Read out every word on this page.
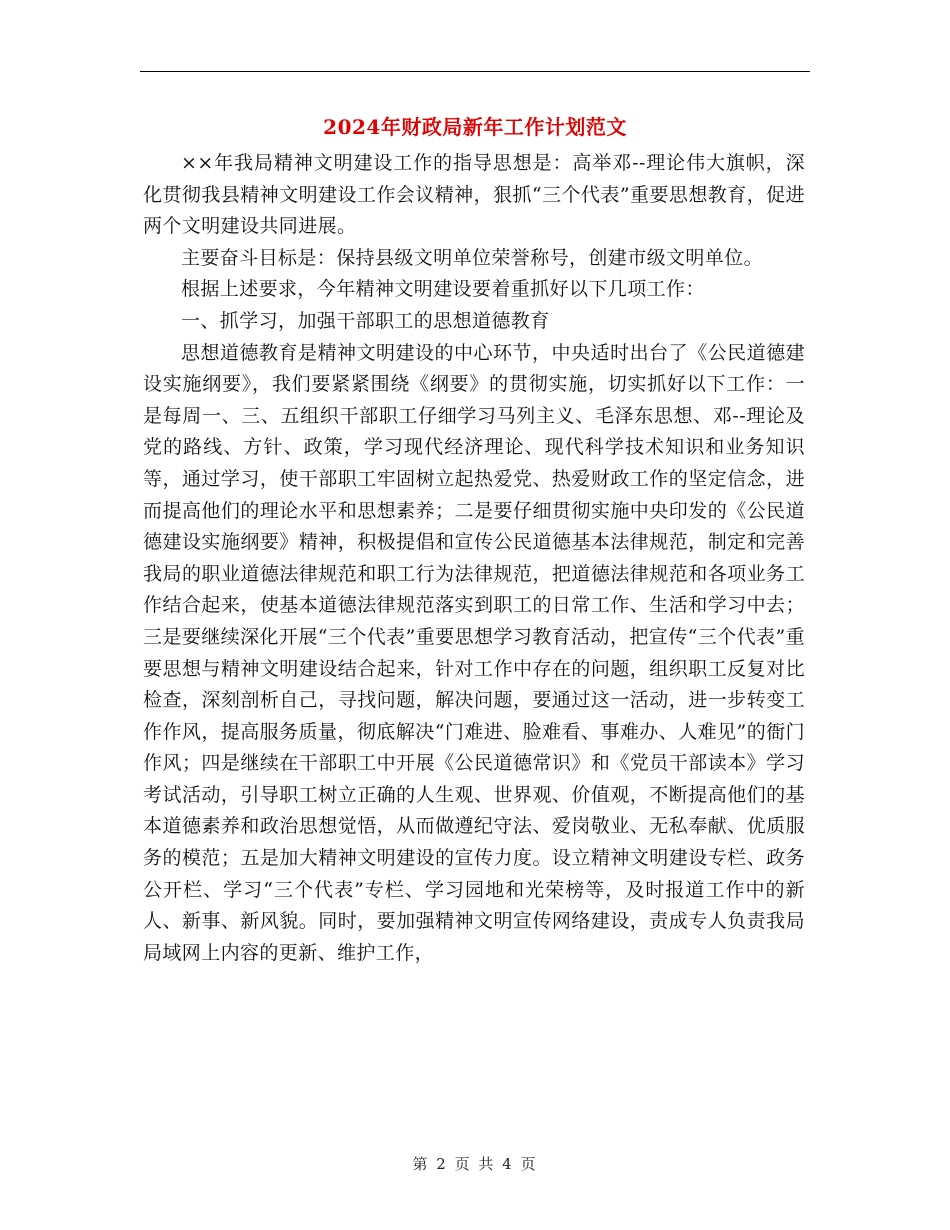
2024年财政局新年工作计划范文

××年我局精神文明建设工作的指导思想是：高举邓--理论伟大旗帜，深化贯彻我县精神文明建设工作会议精神，狠抓“三个代表”重要思想教育，促进两个文明建设共同进展。

主要奋斗目标是：保持县级文明单位荣誉称号，创建市级文明单位。

根据上述要求，今年精神文明建设要着重抓好以下几项工作：

一、抓学习，加强干部职工的思想道德教育

思想道德教育是精神文明建设的中心环节，中央适时出台了《公民道德建设实施纲要》，我们要紧紧围绕《纲要》的贯彻实施，切实抓好以下工作：一是每周一、三、五组织干部职工仔细学习马列主义、毛泽东思想、邓--理论及党的路线、方针、政策，学习现代经济理论、现代科学技术知识和业务知识等，通过学习，使干部职工牢固树立起热爱党、热爱财政工作的坚定信念，进而提高他们的理论水平和思想素养；二是要仔细贯彻实施中央印发的《公民道德建设实施纲要》精神，积极提倡和宣传公民道德基本法律规范，制定和完善我局的职业道德法律规范和职工行为法律规范，把道德法律规范和各项业务工作结合起来，使基本道德法律规范落实到职工的日常工作、生活和学习中去；三是要继续深化开展“三个代表”重要思想学习教育活动，把宣传“三个代表”重要思想与精神文明建设结合起来，针对工作中存在的问题，组织职工反复对比检查，深刻剖析自己，寻找问题，解决问题，要通过这一活动，进一步转变工作作风，提高服务质量，彻底解决“门难进、脸难看、事难办、人难见”的衙门作风；四是继续在干部职工中开展《公民道德常识》和《党员干部读本》学习考试活动，引导职工树立正确的人生观、世界观、价值观，不断提高他们的基本道德素养和政治思想觉悟，从而做遵纪守法、爱岗敬业、无私奉献、优质服务的模范；五是加大精神文明建设的宣传力度。设立精神文明建设专栏、政务公开栏、学习“三个代表”专栏、学习园地和光荣榜等，及时报道工作中的新人、新事、新风貌。同时，要加强精神文明宣传网络建设，责成专人负责我局局域网上内容的更新、维护工作，

第 2 页 共 4 页
